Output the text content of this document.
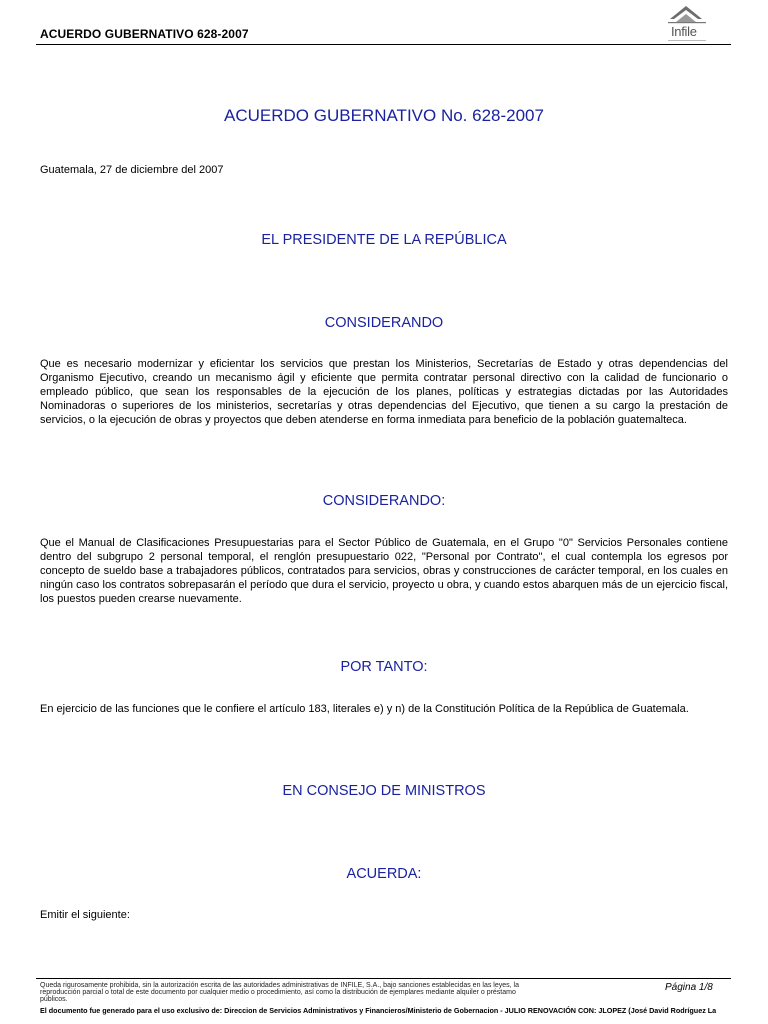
ACUERDO GUBERNATIVO 628-2007	Infile
ACUERDO GUBERNATIVO No. 628-2007
Guatemala, 27 de diciembre del 2007
EL PRESIDENTE DE LA REPÚBLICA
CONSIDERANDO
Que es necesario modernizar y eficientar los servicios que prestan los Ministerios, Secretarías de Estado y otras dependencias del Organismo Ejecutivo, creando un mecanismo ágil y eficiente que permita contratar personal directivo con la calidad de funcionario o empleado público, que sean los responsables de la ejecución de los planes, políticas y estrategias dictadas por las Autoridades Nominadoras o superiores de los ministerios, secretarías y otras dependencias del Ejecutivo, que tienen a su cargo la prestación de servicios, o la ejecución de obras y proyectos que deben atenderse en forma inmediata para beneficio de la población guatemalteca.
CONSIDERANDO:
Que el Manual de Clasificaciones Presupuestarias para el Sector Público de Guatemala, en el Grupo "0" Servicios Personales contiene dentro del subgrupo 2 personal temporal, el renglón presupuestario 022, "Personal por Contrato", el cual contempla los egresos por concepto de sueldo base a trabajadores públicos, contratados para servicios, obras y construcciones de carácter temporal, en los cuales en ningún caso los contratos sobrepasarán el período que dura el servicio, proyecto u obra, y cuando estos abarquen más de un ejercicio fiscal, los puestos pueden crearse nuevamente.
POR TANTO:
En ejercicio de las funciones que le confiere el artículo 183, literales e) y n) de la Constitución Política de la República de Guatemala.
EN CONSEJO DE MINISTROS
ACUERDA:
Emitir el siguiente:
Queda rigurosamente prohibida, sin la autorización escrita de las autoridades administrativas de INFILE, S.A., bajo sanciones establecidas en las leyes, la reproducción parcial o total de este documento por cualquier medio o procedimiento, así como la distribución de ejemplares mediante alquiler o préstamo públicos.
Página 1/8
El documento fue generado para el uso exclusivo de: Direccion de Servicios Administrativos y Financieros/Ministerio de Gobernacion - JULIO RENOVACIÓN CON: JLOPEZ (José David Rodríguez La
